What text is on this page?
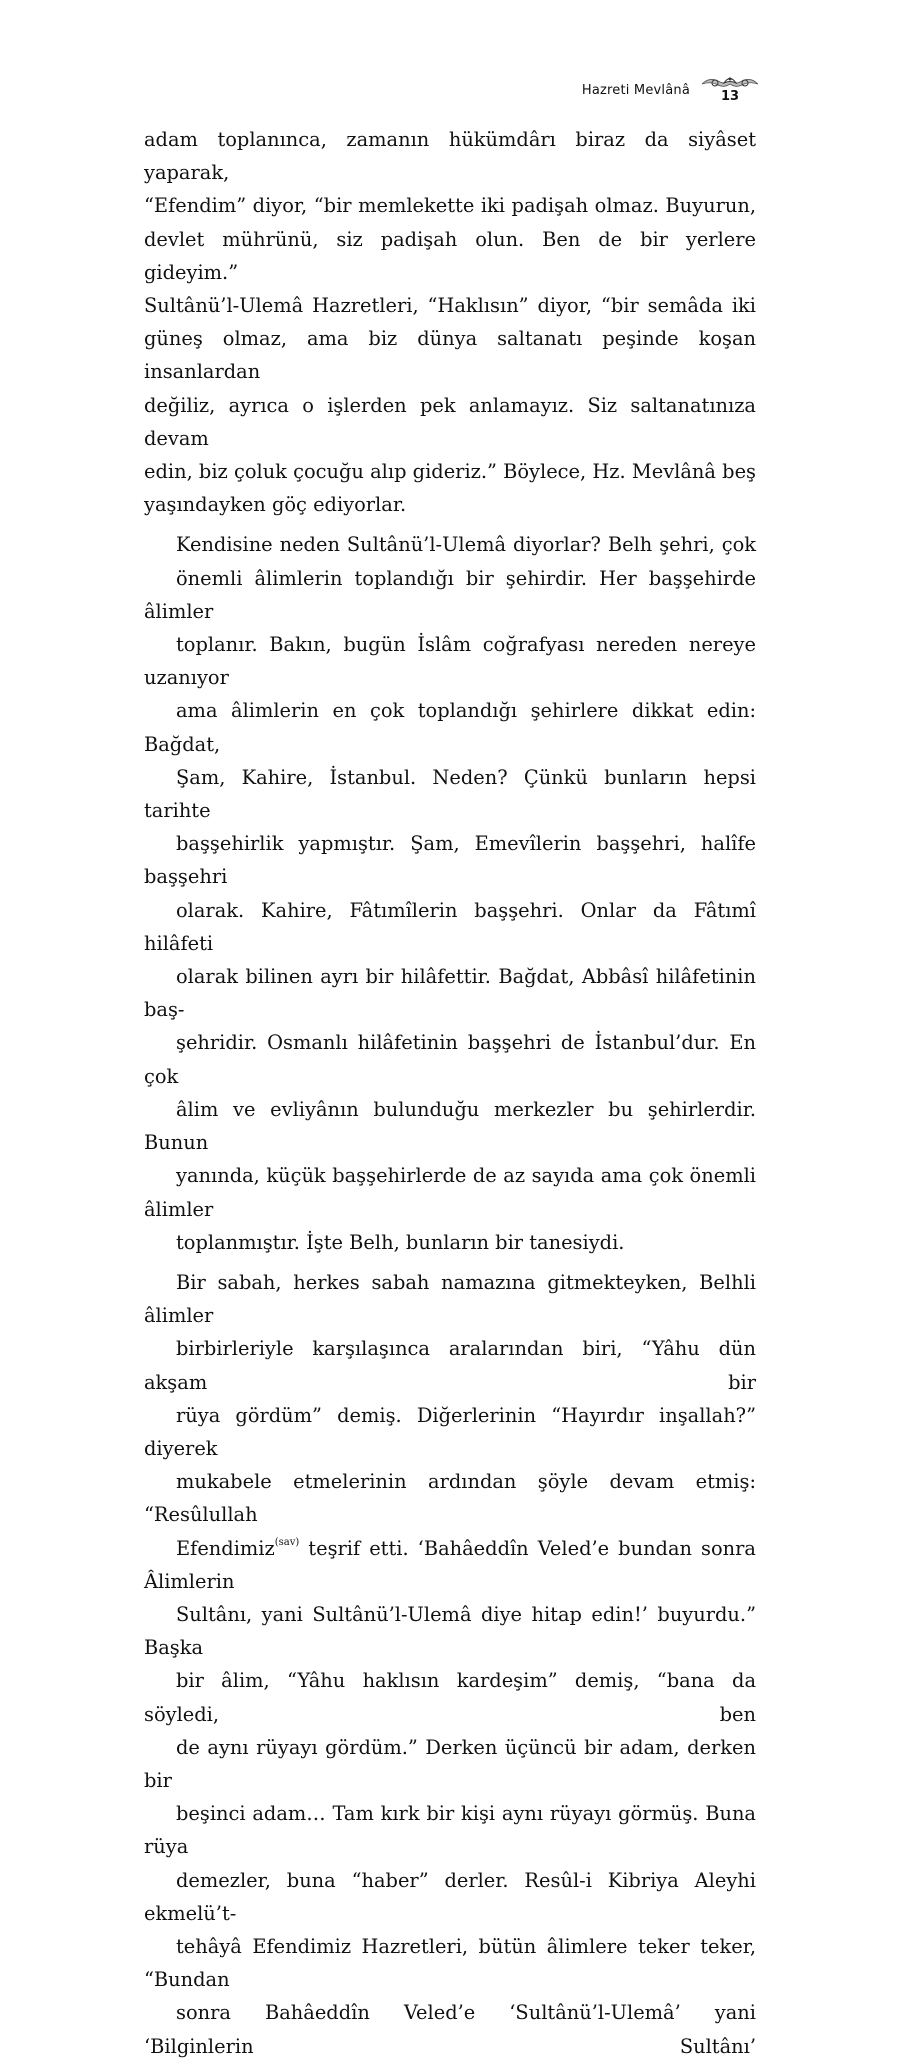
Hazreti Mevlânâ	13

adam toplanınca, zamanın hükümdârı biraz da siyâset yaparak,
“Efendim” diyor, “bir memlekette iki padişah olmaz. Buyurun,
devlet mührünü, siz padişah olun. Ben de bir yerlere gideyim.”
Sultânü’l-Ulemâ Hazretleri, “Haklısın” diyor, “bir semâda iki
güneş olmaz, ama biz dünya saltanatı peşinde koşan insanlardan
değiliz, ayrıca o işlerden pek anlamayız. Siz saltanatınıza devam
edin, biz çoluk çocuğu alıp gideriz.” Böylece, Hz. Mevlânâ beş
yaşındayken göç ediyorlar.

Kendisine neden Sultânü’l-Ulemâ diyorlar? Belh şehri, çok
önemli âlimlerin toplandığı bir şehirdir. Her başşehirde âlimler
toplanır. Bakın, bugün İslâm coğrafyası nereden nereye uzanıyor
ama âlimlerin en çok toplandığı şehirlere dikkat edin: Bağdat,
Şam, Kahire, İstanbul. Neden? Çünkü bunların hepsi tarihte
başşehirlik yapmıştır. Şam, Emevîlerin başşehri, halîfe başşehri
olarak. Kahire, Fâtımîlerin başşehri. Onlar da Fâtımî hilâfeti
olarak bilinen ayrı bir hilâfettir. Bağdat, Abbâsî hilâfetinin baş-
şehridir. Osmanlı hilâfetinin başşehri de İstanbul’dur. En çok
âlim ve evliyânın bulunduğu merkezler bu şehirlerdir. Bunun
yanında, küçük başşehirlerde de az sayıda ama çok önemli âlimler
toplanmıştır. İşte Belh, bunların bir tanesiydi.

Bir sabah, herkes sabah namazına gitmekteyken, Belhli âlimler
birbirleriyle karşılaşınca aralarından biri, “Yâhu dün akşam bir
rüya gördüm” demiş. Diğerlerinin “Hayırdır inşallah?” diyerek
mukabele etmelerinin ardından şöyle devam etmiş: “Resûlullah
Efendimiz$^{(sav)}$ teşrif etti. ‘Bahâeddîn Veled’e bundan sonra Âlimlerin
Sultânı, yani Sultânü’l-Ulemâ diye hitap edin!’ buyurdu.” Başka
bir âlim, “Yâhu haklısın kardeşim” demiş, “bana da söyledi, ben
de aynı rüyayı gördüm.” Derken üçüncü bir adam, derken bir
beşinci adam… Tam kırk bir kişi aynı rüyayı görmüş. Buna rüya
demezler, buna “haber” derler. Resûl-i Kibriya Aleyhi ekmelü’t-
tehâyâ Efendimiz Hazretleri, bütün âlimlere teker teker, “Bundan
sonra Bahâeddîn Veled’e ‘Sultânü’l-Ulemâ’ yani ‘Bilginlerin Sultânı’
